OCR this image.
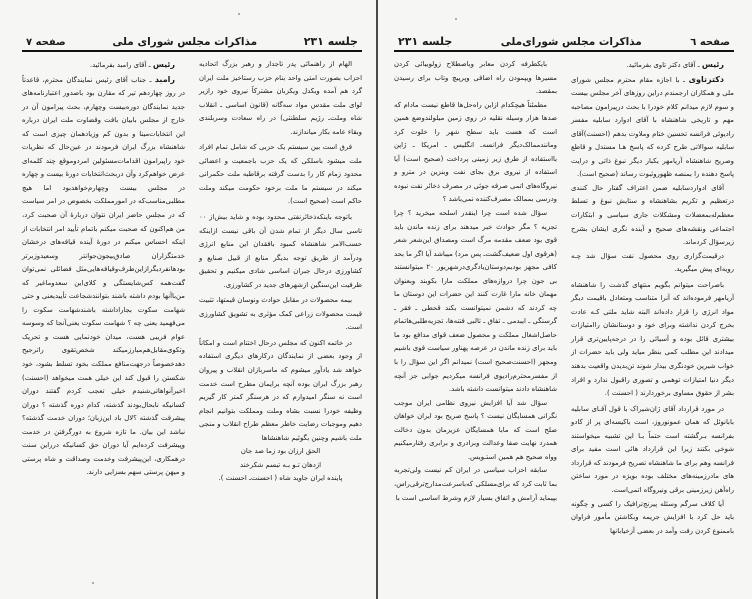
جلسه ۲۳۱
مذاکرات مجلس شورای ملی
صفحه ۷

الهام از راهنمائی پدر تاجدار و رهبر بزرگ اتحادیه احزاب بصورت امتی واحد بنام حزب رستاخیز ملت ایران گرد هم آمده ویکدل ویکزبان مشترکاً نیروی خود رازیر لوای ملت مقدس مواد سه‌گانه (قانون اساسی ـ انقلاب شاه وملت‌ـ رژیم سلطنتی) در راه سعادت وسربلندی وبقاء عامه بکار میاندازند.

فرق است بین سیستم یک حزبی که شامل تمام افراد ملت میشود باسلکی که یک حزب باجمعیت و اعضائی محدود زمام کار را بدست گرفته برقاطبه ملت حکمرانی میکند در سیستم ما ملت برخود حکومت میکند وملت حاکم است (صحیح است).

باتوجه باینکه‌ذخائرنفتی محدود بوده و شاید بیش‌از ۰۰ تاسی سال دیگر از تمام شدن آن باقی نیست ازاینکه حسب‌الامر شاهنشاه کمبود بافقدان این منابع انرژی ودرآمد از طریق توجه بدیگر منابع از قبیل صنایع و کشاورزی درحال جبران اساسی شادی میکنیم و تحقیق ظرفیت این‌سنگین ازشهرهای جدید در کشاورزی.

بیمه محصولات در مقابل حوادث ونوسان قیمتها، تثبیت قیمت محصولات زراعی کمک مؤثری به تشویق کشاورزی است.

در خاتمه اکنون که مجلس درحال اختتام است و امکاناً از وجود بعضی از نمایندگان درکارهای دیگری استفاده خواهد شد یادآور میشوم که ماسربازان انقلاب و پیروان رهبر بزرگ ایران بوده آنچه برایمان مطرح است خدمت است نه سنگر امیدوارم که در هرسنگر کمتر کار گیریم وظیفه خودرا نسبت بشاه وملت ومملکت بتوانیم انجام دهیم وموجبات رضایت خاطر معظم طراح انقلاب و منجی ملت باشیم وچنین بگوئیم شاهنشاها

الحق ارزان بود زما صد جان

ازدهان تـو بـه تبسم شکرخند

پاینده ایران جاوید شاه ( احسنت‌ـ احسنت ).

رئیس ـ آقای رامبد بفرمائید.

رامبد ـ جناب آقای رئیس نمایندگان محترم، قاعدتاً در روز چهاردهم تیر که مقارن بود باصدور اعتبارنامه‌های جدید نمایندگان دوره‌بیست وچهارم، بحث پیرامون آن در خارج از مجلس بابیان بافت وقضاوت ملت ایران درباره این انتخابات‌مینا و بدون کم وزیادهمان چیزی است که شاهنشاه بزرگ ایران فرمودند در عین‌حال که نظریات خود راپیرامون اقدامات‌مسئولین امردوموقع چند کلمه‌ای عرض خواهم‌کرد وآن دربحث‌انتخابات دورۀ بیست و چهاره در مجلس بیست وچهارم‌خواهدبود اما هیچ مطلبی‌مناسب‌که در امورمملکت بخصوص در امر سیاست که در مجلس حاضر ایران نتوان دربارۀ آن صحبت کرد، من هم‌اکنون که صحبت میکنم باتمام تأیید امر انتخابات از اینکه احساس میکنم در دورۀ آینده قیافه‌های درخشان خدمتگزاران صادق‌بیجون‌جوانتر وسعیدوزبرتر بودها‌نفردیگرازاین‌طرف‌وقیافه‌هایی‌مثل فضائلی نمی‌توان گفت‌همه کس‌شایستگی و کلای‌این سعدوماغیر که من‌باآنها بودم داشته باشند بتوانندشجاعت تأییدیعنی و حتی شهامت سکوت بجاراداشته باشندشهامت سکوت را می‌فهمید یعنی چه ؟ شهامت سکوت یعنی‌آنجا که وسوسه عوام فریبی هست، میدان خودنمایی هست و تحریک وتکوی‌مقابل‌هم‌مبارزمیکند شخص‌تقوی راترجیح دهدخصوصاً درجهت‌منافع مملکت بخود تسلط بشود، خود شکستن را قبول کند این خیلی همت میخواهد (احسنت) اخیرآنواهاتی‌شنیدم خیلی تعجب کردم گفتند دوران کسانیکه نابحال‌بودند گذشته، کدام دوره گذشته ؟ دوران پیشرفت گذشته ؟لال باد این‌زبان؛ دوران خدمت گذشته؟ نباشد این بیان. ما تازه شروع به دورگرفتن در خدمت وپیشرفت کرده‌ایم آیا دوران حق کسانیکه درراین سنت درهمکاری، این‌پیشرفت وخدمت وصداقت و شاه پرستی و میهن پرستی سهم بسزایی دارند.

صفحه ٦
مذاکرات مجلس شورای‌ملی
جلسه ۲۳۱

رئیس ـ آقای دکتر تاوی بفرمائید.

دکترتاوی ـ با اجازه مقام محترم مجلس شورای ملی و همکاران ارجمندم دراین روزهای آخر مجلس بیست و سوم لازم میدانم کلام خودرا با بحث درپیرامون مصاحبه مهم و تاریخی شاهنشاه با آقای ادوارد سابلیه مفسر رادیوئی فرانسه تحسین ختام وملاوت بدهم (احسنت)آقای سابلیه سوالاتی طرح کرده که پاسخ هـا مستدل و قاطع وصریح شاهنشاه آریامهر یکبار دیگر نبوغ ذاتی و درایت پاسخ دهنده را بمنصه ظهوروثبوت رساند (صحیح است).

آقای ادواردسابلیه ضمن اعتراف گفتار حال کنندی درتعظیم و تکریم بشاهنشاه و ستایش نبوغ و تسلط معظم‌له‌بمعضلات ومشکلات جاری سیاسی و ابتکارات اجتماعی ونقشه‌های صحیح و آینده نگری ایشان بشرح زیرسؤال کردماند.

درقیمت‌گزاری روی محصول نفت سؤال شد چـه رویه‌ای پیش میگیرید.

باصراحت میتوانم بگویم منتهای گذشت را شاهنشاه آریامهر فرموده‌اند که آنرا متناسب ومتعادل باقیمت دیگر مواد انرژی را قرار داده‌اند البته شاید ملتی کـه عادت بخرج کردن نداشته وبرای خود و دوستانشان راامتیازات بیشتری قائل بوده و آسیائی را در درجه‌پایین‌تری قرار میدادند این مطلب کمی بنظر میاید ولی باید حضرات از خواب شیرین خودنگری بیدار شوند تن‌بدیدن واقعیت بدهند دیگر دنیا امتیازات توهمی و تصوری راقبول ندارد و افراد بشر از حقوق مساوی برخوردارند ( احسنت ).

در مورد قرارداد آقای ژان‌شیراک با قول آقـای سابلیه بابانوئل که همان عمونوروز، است باکیسه‌ای پر از کادو بفرانسه بـرگشته است حتماً بـا این تشبیه میخواستند شوخی بکنند زیرا این قرارداد هائی است مفید برای فرانسه وهم برای ما شاهنشاه تصریح فرمودند که قرارداد های مادرزمینه‌های مختلف بوده بویژه در مورد ساختن راه‌آهن زیرزمینی برقی ونیروگاه اتمی‌است.

آیا کلاف سرگم وسئله پیرنج‌ترافیک را کسی و چگونه باید حل کرد با افزایش جریمه وبکاشتن مأمور فراوان باممنوع کردن رفت وآمد در بعضی آزخیابانها

بایکطرفه کردن معابر وباصطلاح زولوبیائی کردن مسیرها ویپمودن راه اضافی وپرپیچ وتاب برای رسیدن بمقصد.

مطمئناً هیچکدام ازاین راه‌حل‌ها قاطع نیست مادام که صدها هزار وسیله نقلیه در روی زمین میلولندوضع همین است که هست باید سطح شهر را خلوت کرد ومانندممالک‌دیگر فرانسه‌ـ انگلیس ـ امریکا ـ ژاپن بااستفاده از طرق زیر زمینی پرداخت (صحیح است) آیا استفاده از نیروی برق بجای نفت وبنزین در مترو و نیروگاه‌های اتمی صرفه جوئی در مصرف ذخائر نفت نبوده ودرسی بممالک مصرف‌کننده نمی‌باشد ؟

سؤال شده است چرا اینقدر اسلحه میخرید ؟ چرا تجزیه ؟ مگر حوادث خبر میدهند برای زنده ماندن باید قوی بود ضعف مقدمه مرگ است ومصداق این‌شعر شعر (هرقوی اول ضعیف‌گشت‌ـ پس مرد) میباشد آیا اگر ما بحد کافی مجهز بودیم‌دوستان‌یادگری‌درشهریور ۲۰ میتوانستند بی جون چرا دروازه‌های مملکت مارا بکوبند وبعنوان مهمان خانه مارا غارت کنند این حضرات این دوستان ما چه کردند که دشمن نمیتوانست بکند قحطی ـ فقر ـ گرسنگی ـ ایبدمی ـ تفاق ـ تالبی فتنه‌ها، تجزیه‌طلبی‌هاتمام حاصل‌اشغال مملکت و محصول ضعف قوای مدافع بود ما باید برای زنده ماندن در عرصه پهناور سیاست قوی باشیم ومجهز (احسنت‌صحیح است) نمیدانم اگر این سؤال را با از مفسرمحترم‌رادیوی فرانسه میکردیم جوابی جز آنچه شاهنشاه دادند میتوانست داشته باشد.

سؤال شد آیا افزایش نیروی نظامی ایران موجب نگرانی همسایگان نیست ؟ پاسخ صریح بود ایران خواهان صلح است که مابا همسایگان عزیزمان بدون دخالت همدرد نهایت صفا وعدالت وبرادری و برابری رفتارمیکنیم وواه صحیح هم همین استـویس.

سابقه احزاب سیاسی در ایران کم نیست ولی‌تجربه بما ثابت کرد که برای‌مسلکی که‌باسرعت‌مدارج‌ترقی‌راس، بپیماید آرامش و اتفاق بسیار لازم وشرط اساسی است با
